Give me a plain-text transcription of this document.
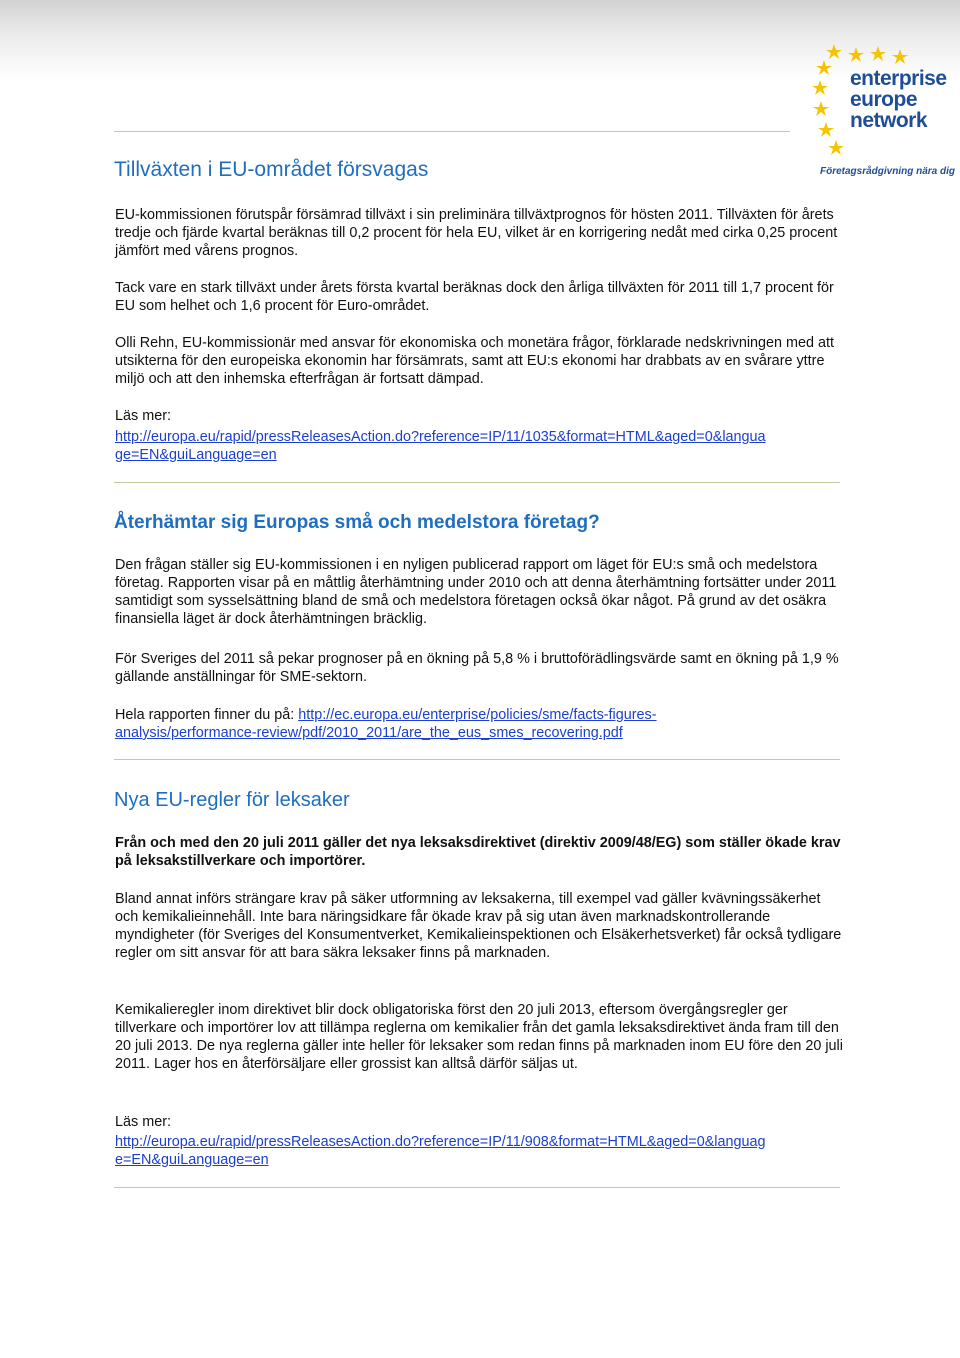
enterprise
europe
network
Företagsrådgivning nära dig
Tillväxten i EU-området försvagas

EU-kommissionen förutspår försämrad tillväxt i sin preliminära tillväxtprognos för hösten 2011. Tillväxten för årets tredje och fjärde kvartal beräknas till 0,2 procent för hela EU, vilket är en korrigering nedåt med cirka 0,25 procent jämfört med vårens prognos.

Tack vare en stark tillväxt under årets första kvartal beräknas dock den årliga tillväxten för 2011 till 1,7 procent för EU som helhet och 1,6 procent för Euro-området.

Olli Rehn, EU-kommissionär med ansvar för ekonomiska och monetära frågor, förklarade nedskrivningen med att utsikterna för den europeiska ekonomin har försämrats, samt att EU:s ekonomi har drabbats av en svårare yttre miljö och att den inhemska efterfrågan är fortsatt dämpad.

Läs mer:

http://europa.eu/rapid/pressReleasesAction.do?reference=IP/11/1035&format=HTML&aged=0&langua
ge=EN&guiLanguage=en

Återhämtar sig Europas små och medelstora företag?

Den frågan ställer sig EU-kommissionen i en nyligen publicerad rapport om läget för EU:s små och medelstora företag. Rapporten visar på en måttlig återhämtning under 2010 och att denna återhämtning fortsätter under 2011 samtidigt som sysselsättning bland de små och medelstora företagen också ökar något. På grund av det osäkra finansiella läget är dock återhämtningen bräcklig.

För Sveriges del 2011 så pekar prognoser på en ökning på 5,8 % i bruttoförädlingsvärde samt en ökning på 1,9 % gällande anställningar för SME-sektorn.

Hela rapporten finner du på: http://ec.europa.eu/enterprise/policies/sme/facts-figures-
analysis/performance-review/pdf/2010_2011/are_the_eus_smes_recovering.pdf

Nya EU-regler för leksaker

Från och med den 20 juli 2011 gäller det nya leksaksdirektivet (direktiv 2009/48/EG) som ställer ökade krav på leksakstillverkare och importörer.

Bland annat införs strängare krav på säker utformning av leksakerna, till exempel vad gäller kvävningssäkerhet och kemikalieinnehåll. Inte bara näringsidkare får ökade krav på sig utan även marknadskontrollerande myndigheter (för Sveriges del Konsumentverket, Kemikalieinspektionen och Elsäkerhetsverket) får också tydligare regler om sitt ansvar för att bara säkra leksaker finns på marknaden.

Kemikalieregler inom direktivet blir dock obligatoriska först den 20 juli 2013, eftersom övergångsregler ger tillverkare och importörer lov att tillämpa reglerna om kemikalier från det gamla leksaksdirektivet ända fram till den 20 juli 2013. De nya reglerna gäller inte heller för leksaker som redan finns på marknaden inom EU före den 20 juli 2011. Lager hos en återförsäljare eller grossist kan alltså därför säljas ut.

Läs mer:

http://europa.eu/rapid/pressReleasesAction.do?reference=IP/11/908&format=HTML&aged=0&languag
e=EN&guiLanguage=en
